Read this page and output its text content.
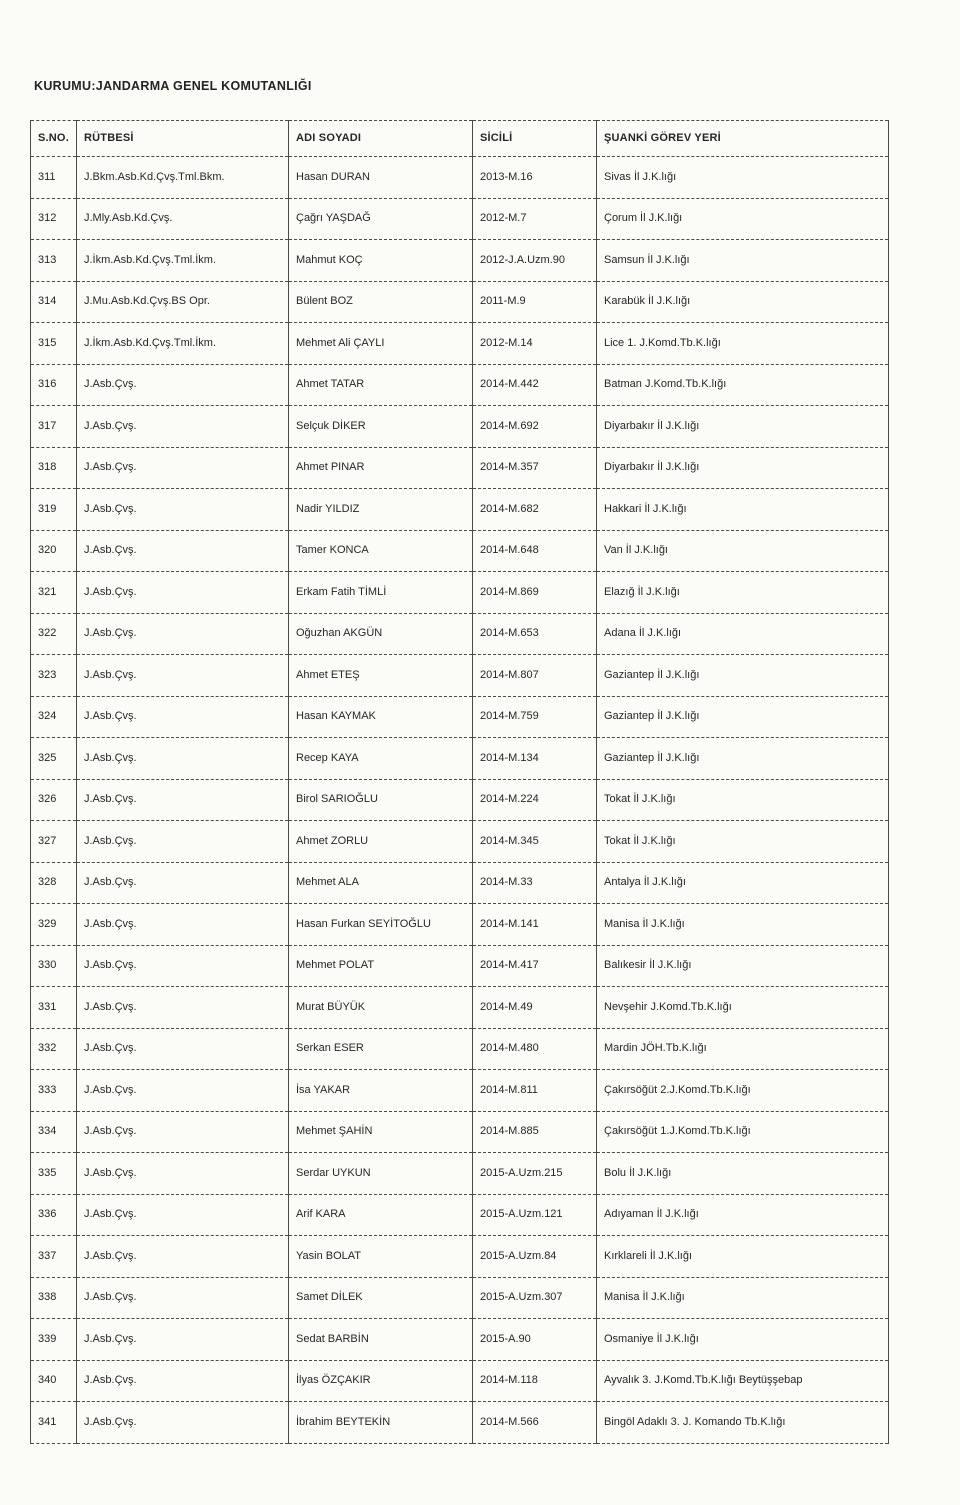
KURUMU:JANDARMA GENEL KOMUTANLIĞI
S.NO.	RÜTBESİ	ADI SOYADI	SİCİLİ	ŞUANKİ GÖREV YERİ
311	J.Bkm.Asb.Kd.Çvş.Tml.Bkm.	Hasan DURAN	2013-M.16	Sivas İl J.K.lığı
312	J.Mly.Asb.Kd.Çvş.	Çağrı YAŞDAĞ	2012-M.7	Çorum İl J.K.lığı
313	J.İkm.Asb.Kd.Çvş.Tml.İkm.	Mahmut KOÇ	2012-J.A.Uzm.90	Samsun İl J.K.lığı
314	J.Mu.Asb.Kd.Çvş.BS Opr.	Bülent BOZ	2011-M.9	Karabük İl J.K.lığı
315	J.İkm.Asb.Kd.Çvş.Tml.İkm.	Mehmet Ali ÇAYLI	2012-M.14	Lice 1. J.Komd.Tb.K.lığı
316	J.Asb.Çvş.	Ahmet TATAR	2014-M.442	Batman J.Komd.Tb.K.lığı
317	J.Asb.Çvş.	Selçuk DİKER	2014-M.692	Diyarbakır İl J.K.lığı
318	J.Asb.Çvş.	Ahmet PINAR	2014-M.357	Diyarbakır İl J.K.lığı
319	J.Asb.Çvş.	Nadir YILDIZ	2014-M.682	Hakkari İl J.K.lığı
320	J.Asb.Çvş.	Tamer KONCA	2014-M.648	Van İl J.K.lığı
321	J.Asb.Çvş.	Erkam Fatih TİMLİ	2014-M.869	Elazığ İl J.K.lığı
322	J.Asb.Çvş.	Oğuzhan AKGÜN	2014-M.653	Adana İl J.K.lığı
323	J.Asb.Çvş.	Ahmet ETEŞ	2014-M.807	Gaziantep İl J.K.lığı
324	J.Asb.Çvş.	Hasan KAYMAK	2014-M.759	Gaziantep İl J.K.lığı
325	J.Asb.Çvş.	Recep KAYA	2014-M.134	Gaziantep İl J.K.lığı
326	J.Asb.Çvş.	Birol SARIOĞLU	2014-M.224	Tokat İl J.K.lığı
327	J.Asb.Çvş.	Ahmet ZORLU	2014-M.345	Tokat İl J.K.lığı
328	J.Asb.Çvş.	Mehmet ALA	2014-M.33	Antalya İl J.K.lığı
329	J.Asb.Çvş.	Hasan Furkan SEYİTOĞLU	2014-M.141	Manisa İl J.K.lığı
330	J.Asb.Çvş.	Mehmet POLAT	2014-M.417	Balıkesir İl J.K.lığı
331	J.Asb.Çvş.	Murat BÜYÜK	2014-M.49	Nevşehir J.Komd.Tb.K.lığı
332	J.Asb.Çvş.	Serkan ESER	2014-M.480	Mardin JÖH.Tb.K.lığı
333	J.Asb.Çvş.	İsa YAKAR	2014-M.811	Çakırsöğüt 2.J.Komd.Tb.K.lığı
334	J.Asb.Çvş.	Mehmet ŞAHİN	2014-M.885	Çakırsöğüt 1.J.Komd.Tb.K.lığı
335	J.Asb.Çvş.	Serdar UYKUN	2015-A.Uzm.215	Bolu İl J.K.lığı
336	J.Asb.Çvş.	Arif KARA	2015-A.Uzm.121	Adıyaman İl J.K.lığı
337	J.Asb.Çvş.	Yasin BOLAT	2015-A.Uzm.84	Kırklareli İl J.K.lığı
338	J.Asb.Çvş.	Samet DİLEK	2015-A.Uzm.307	Manisa İl J.K.lığı
339	J.Asb.Çvş.	Sedat BARBİN	2015-A.90	Osmaniye İl J.K.lığı
340	J.Asb.Çvş.	İlyas ÖZÇAKIR	2014-M.118	Ayvalık 3. J.Komd.Tb.K.lığı Beytüşşebap
341	J.Asb.Çvş.	İbrahim BEYTEKİN	2014-M.566	Bingöl Adaklı 3. J. Komando Tb.K.lığı
